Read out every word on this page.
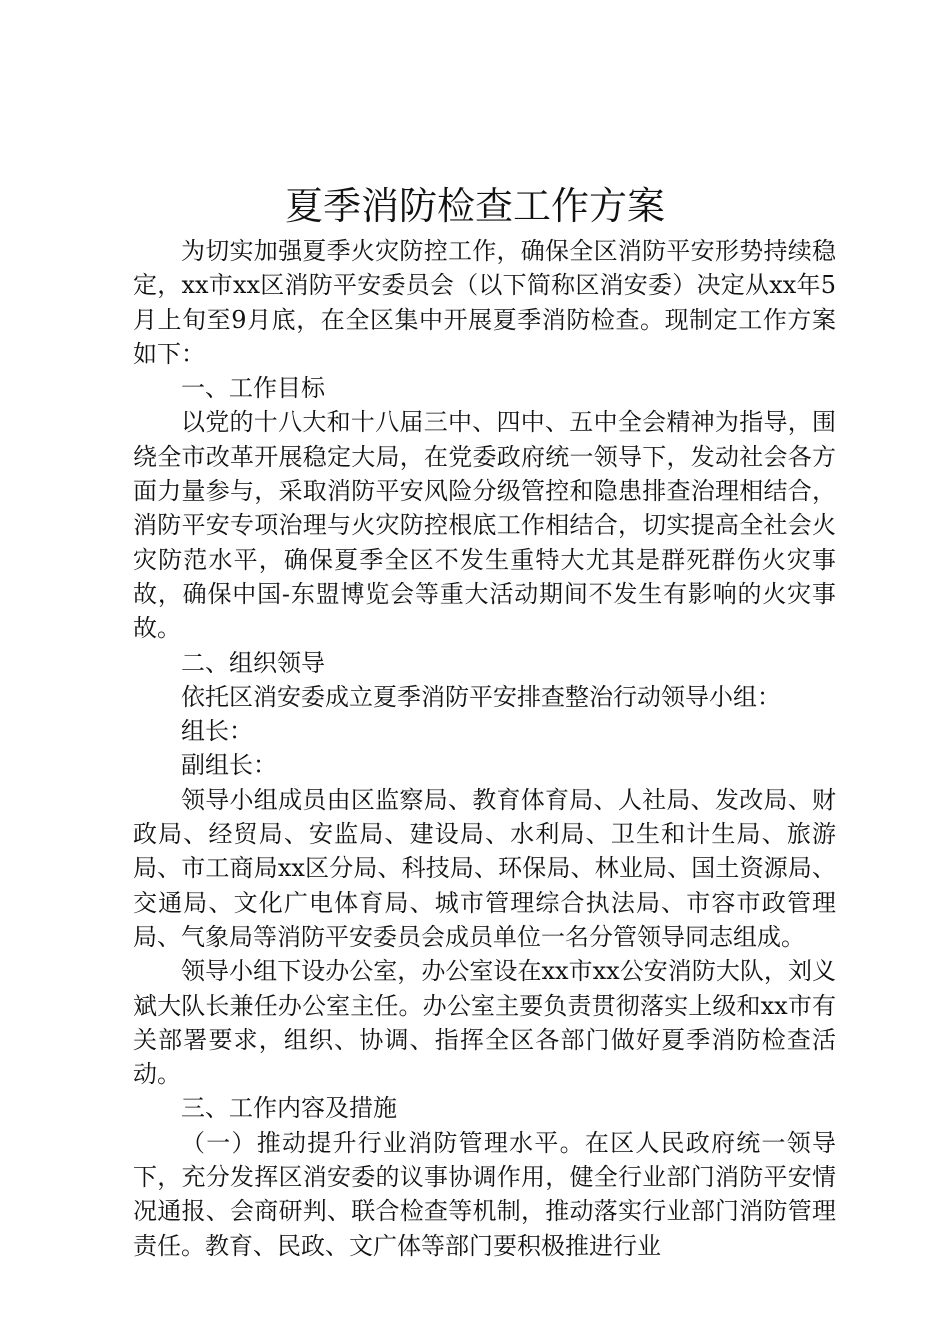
夏季消防检查工作方案

为切实加强夏季火灾防控工作，确保全区消防平安形势持续稳定，xx市xx区消防平安委员会（以下简称区消安委）决定从xx年5月上旬至9月底，在全区集中开展夏季消防检查。现制定工作方案如下：

一、工作目标

以党的十八大和十八届三中、四中、五中全会精神为指导，围绕全市改革开展稳定大局，在党委政府统一领导下，发动社会各方面力量参与，采取消防平安风险分级管控和隐患排查治理相结合，消防平安专项治理与火灾防控根底工作相结合，切实提高全社会火灾防范水平，确保夏季全区不发生重特大尤其是群死群伤火灾事故，确保中国-东盟博览会等重大活动期间不发生有影响的火灾事故。

二、组织领导

依托区消安委成立夏季消防平安排查整治行动领导小组：

组长：

副组长：

领导小组成员由区监察局、教育体育局、人社局、发改局、财政局、经贸局、安监局、建设局、水利局、卫生和计生局、旅游局、市工商局xx区分局、科技局、环保局、林业局、国土资源局、交通局、文化广电体育局、城市管理综合执法局、市容市政管理局、气象局等消防平安委员会成员单位一名分管领导同志组成。

领导小组下设办公室，办公室设在xx市xx公安消防大队，刘义斌大队长兼任办公室主任。办公室主要负责贯彻落实上级和xx市有关部署要求，组织、协调、指挥全区各部门做好夏季消防检查活动。

三、工作内容及措施

（一）推动提升行业消防管理水平。在区人民政府统一领导下，充分发挥区消安委的议事协调作用，健全行业部门消防平安情况通报、会商研判、联合检查等机制，推动落实行业部门消防管理责任。教育、民政、文广体等部门要积极推进行业
